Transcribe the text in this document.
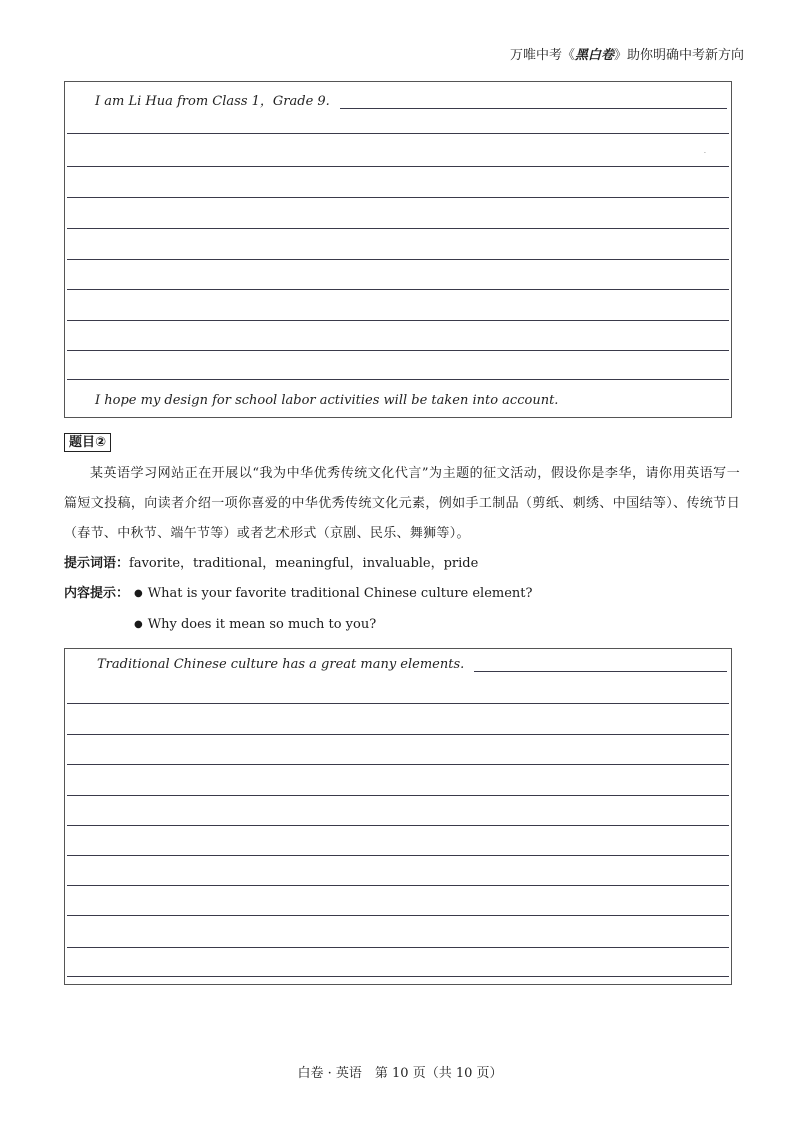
万唯中考《黑白卷》助你明确中考新方向
I am Li Hua from Class 1，Grade 9.
I hope my design for school labor activities will be taken into account.
·
题目②
某英语学习网站正在开展以“我为中华优秀传统文化代言”为主题的征文活动，假设你是李华，请你用英语写一篇短文投稿，向读者介绍一项你喜爱的中华优秀传统文化元素，例如手工制品（剪纸、刺绣、中国结等）、传统节日（春节、中秋节、端午节等）或者艺术形式（京剧、民乐、舞狮等）。
提示词语：favorite，traditional，meaningful，invaluable，pride
内容提示： ● What is your favorite traditional Chinese culture element?
● Why does it mean so much to you?
Traditional Chinese culture has a great many elements.
白卷 · 英语　第 10 页（共 10 页）
